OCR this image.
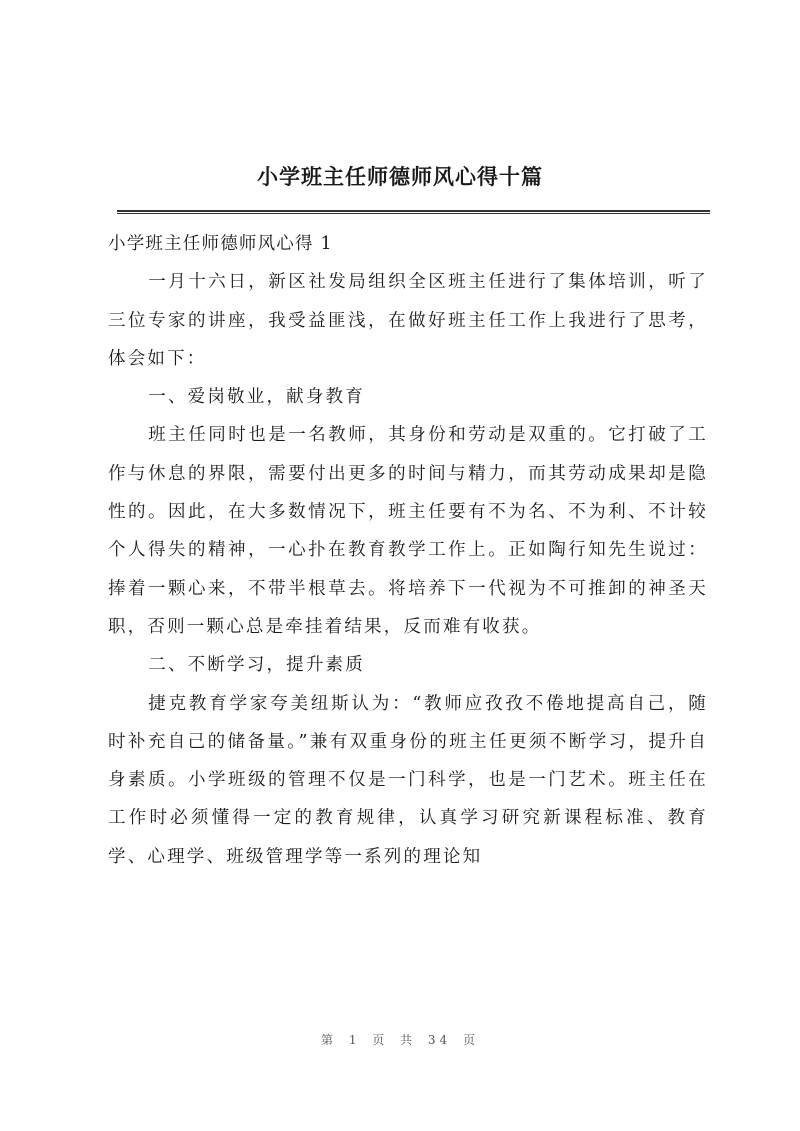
小学班主任师德师风心得十篇

小学班主任师德师风心得 1

一月十六日，新区社发局组织全区班主任进行了集体培训，听了三位专家的讲座，我受益匪浅，在做好班主任工作上我进行了思考，体会如下：

一、爱岗敬业，献身教育

班主任同时也是一名教师，其身份和劳动是双重的。它打破了工作与休息的界限，需要付出更多的时间与精力，而其劳动成果却是隐性的。因此，在大多数情况下，班主任要有不为名、不为利、不计较个人得失的精神，一心扑在教育教学工作上。正如陶行知先生说过：捧着一颗心来，不带半根草去。将培养下一代视为不可推卸的神圣天职，否则一颗心总是牵挂着结果，反而难有收获。

二、不断学习，提升素质

捷克教育学家夸美纽斯认为：“教师应孜孜不倦地提高自己，随时补充自己的储备量。”兼有双重身份的班主任更须不断学习，提升自身素质。小学班级的管理不仅是一门科学，也是一门艺术。班主任在工作时必须懂得一定的教育规律，认真学习研究新课程标准、教育学、心理学、班级管理学等一系列的理论知

第 1 页 共 34 页
